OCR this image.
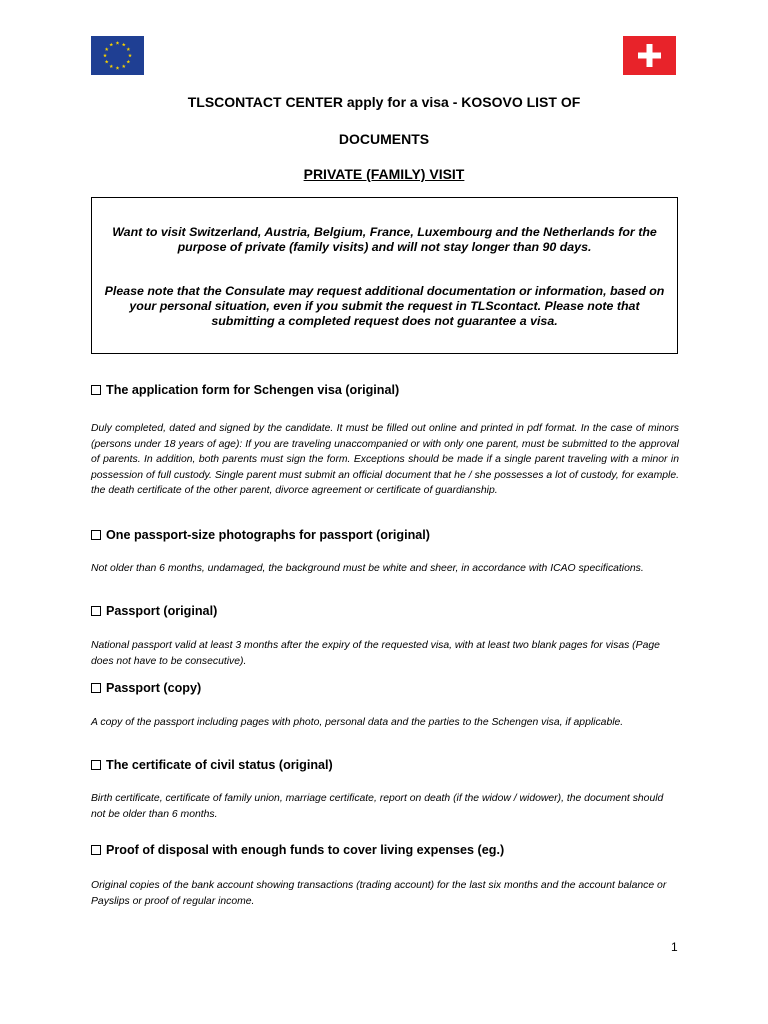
TLSCONTACT CENTER apply for a visa - KOSOVO LIST OF
DOCUMENTS
PRIVATE (FAMILY) VISIT

Want to visit Switzerland, Austria, Belgium, France, Luxembourg and the Netherlands for the purpose of private (family visits) and will not stay longer than 90 days.

Please note that the Consulate may request additional documentation or information, based on your personal situation, even if you submit the request in TLScontact. Please note that submitting a completed request does not guarantee a visa.

The application form for Schengen visa (original)
Duly completed, dated and signed by the candidate. It must be filled out online and printed in pdf format. In the case of minors (persons under 18 years of age): If you are traveling unaccompanied or with only one parent, must be submitted to the approval of parents. In addition, both parents must sign the form. Exceptions should be made if a single parent traveling with a minor in possession of full custody. Single parent must submit an official document that he / she possesses a lot of custody, for example. the death certificate of the other parent, divorce agreement or certificate of guardianship.
One passport-size photographs for passport (original)
Not older than 6 months, undamaged, the background must be white and sheer, in accordance with ICAO specifications.
Passport (original)
National passport valid at least 3 months after the expiry of the requested visa, with at least two blank pages for visas (Page does not have to be consecutive).
Passport (copy)
A copy of the passport including pages with photo, personal data and the parties to the Schengen visa, if applicable.
The certificate of civil status (original)
Birth certificate, certificate of family union, marriage certificate, report on death (if the widow / widower), the document should not be older than 6 months.
Proof of disposal with enough funds to cover living expenses (eg.)
Original copies of the bank account showing transactions (trading account) for the last six months and the account balance or Payslips or proof of regular income.
1
